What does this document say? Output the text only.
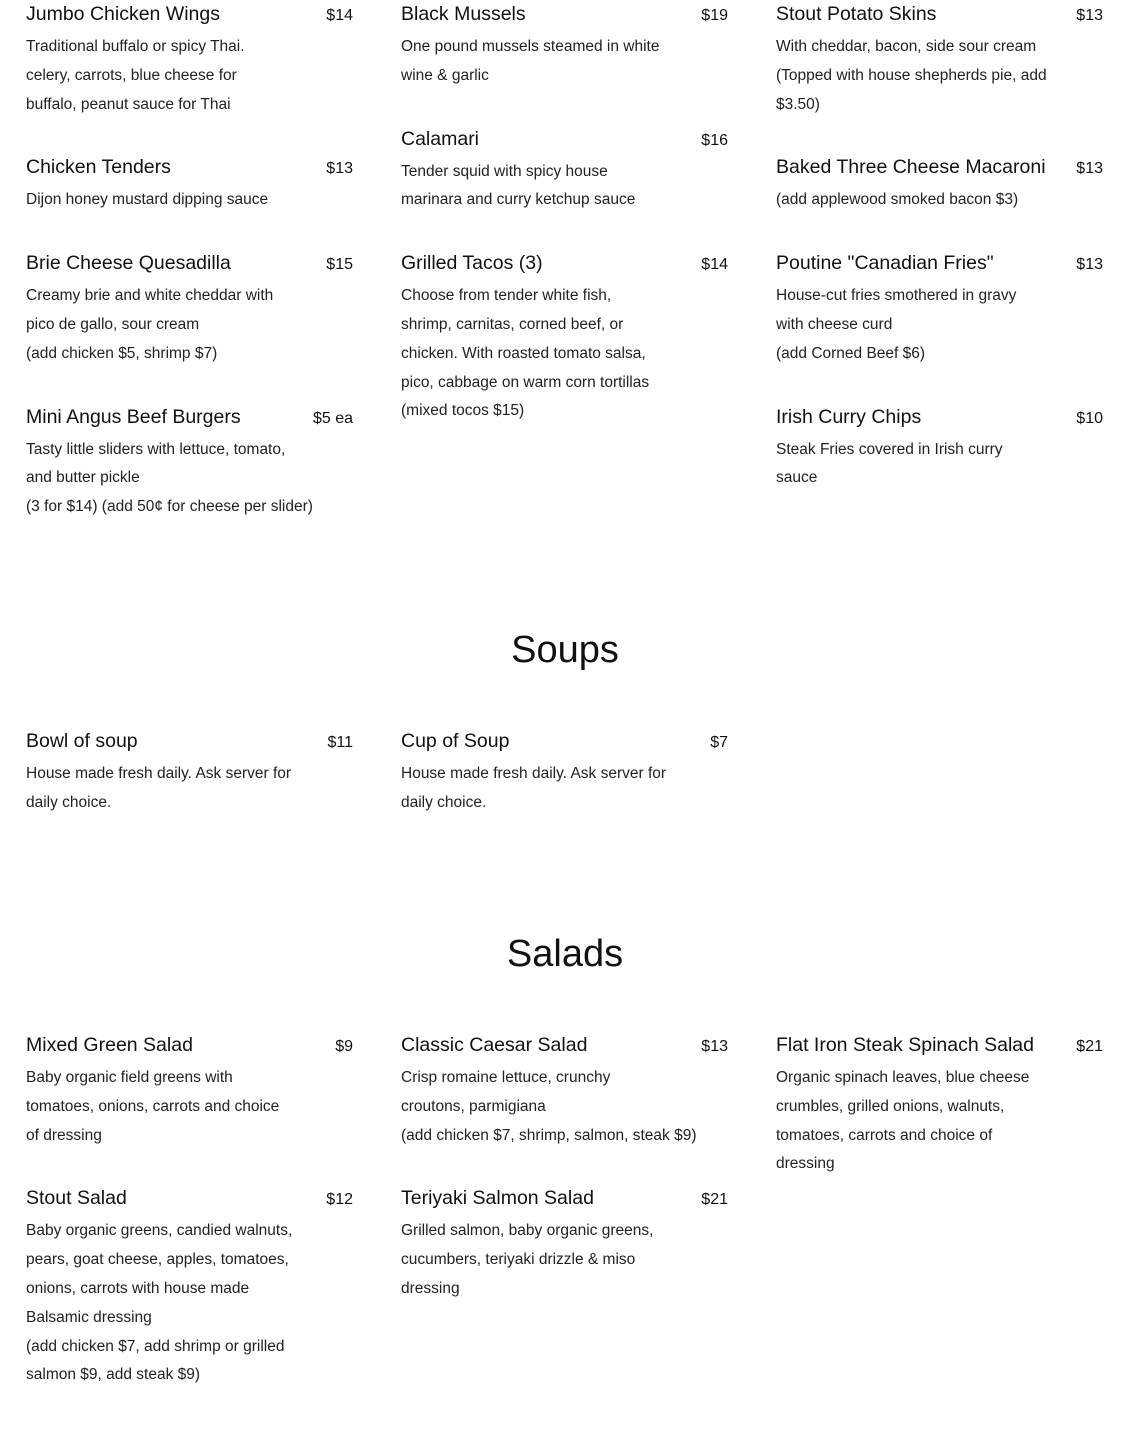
Jumbo Chicken Wings	$14
Traditional buffalo or spicy Thai.
celery, carrots, blue cheese for
buffalo, peanut sauce for Thai
Chicken Tenders	$13
Dijon honey mustard dipping sauce
Brie Cheese Quesadilla	$15
Creamy brie and white cheddar with
pico de gallo, sour cream
(add chicken $5, shrimp $7)
Mini Angus Beef Burgers	$5 ea
Tasty little sliders with lettuce, tomato,
and butter pickle
(3 for $14) (add 50¢ for cheese per slider)
Black Mussels	$19
One pound mussels steamed in white
wine & garlic
Calamari	$16
Tender squid with spicy house
marinara and curry ketchup sauce
Grilled Tacos (3)	$14
Choose from tender white fish,
shrimp, carnitas, corned beef, or
chicken. With roasted tomato salsa,
pico, cabbage on warm corn tortillas
(mixed tocos $15)
Stout Potato Skins	$13
With cheddar, bacon, side sour cream
(Topped with house shepherds pie, add
$3.50)
Baked Three Cheese Macaroni $13
(add applewood smoked bacon $3)
Poutine "Canadian Fries"	$13
House-cut fries smothered in gravy
with cheese curd
(add Corned Beef $6)
Irish Curry Chips	$10
Steak Fries covered in Irish curry
sauce
Soups
Bowl of soup	$11
House made fresh daily. Ask server for
daily choice.
Cup of Soup	$7
House made fresh daily. Ask server for
daily choice.
Salads
Mixed Green Salad	$9
Baby organic field greens with
tomatoes, onions, carrots and choice
of dressing
Stout Salad	$12
Baby organic greens, candied walnuts,
pears, goat cheese, apples, tomatoes,
onions, carrots with house made
Balsamic dressing
(add chicken $7, add shrimp or grilled
salmon $9, add steak $9)
Classic Caesar Salad	$13
Crisp romaine lettuce, crunchy
croutons, parmigiana
(add chicken $7, shrimp, salmon, steak $9)
Teriyaki Salmon Salad	$21
Grilled salmon, baby organic greens,
cucumbers, teriyaki drizzle & miso
dressing
Flat Iron Steak Spinach Salad	$21
Organic spinach leaves, blue cheese
crumbles, grilled onions, walnuts,
tomatoes, carrots and choice of
dressing
